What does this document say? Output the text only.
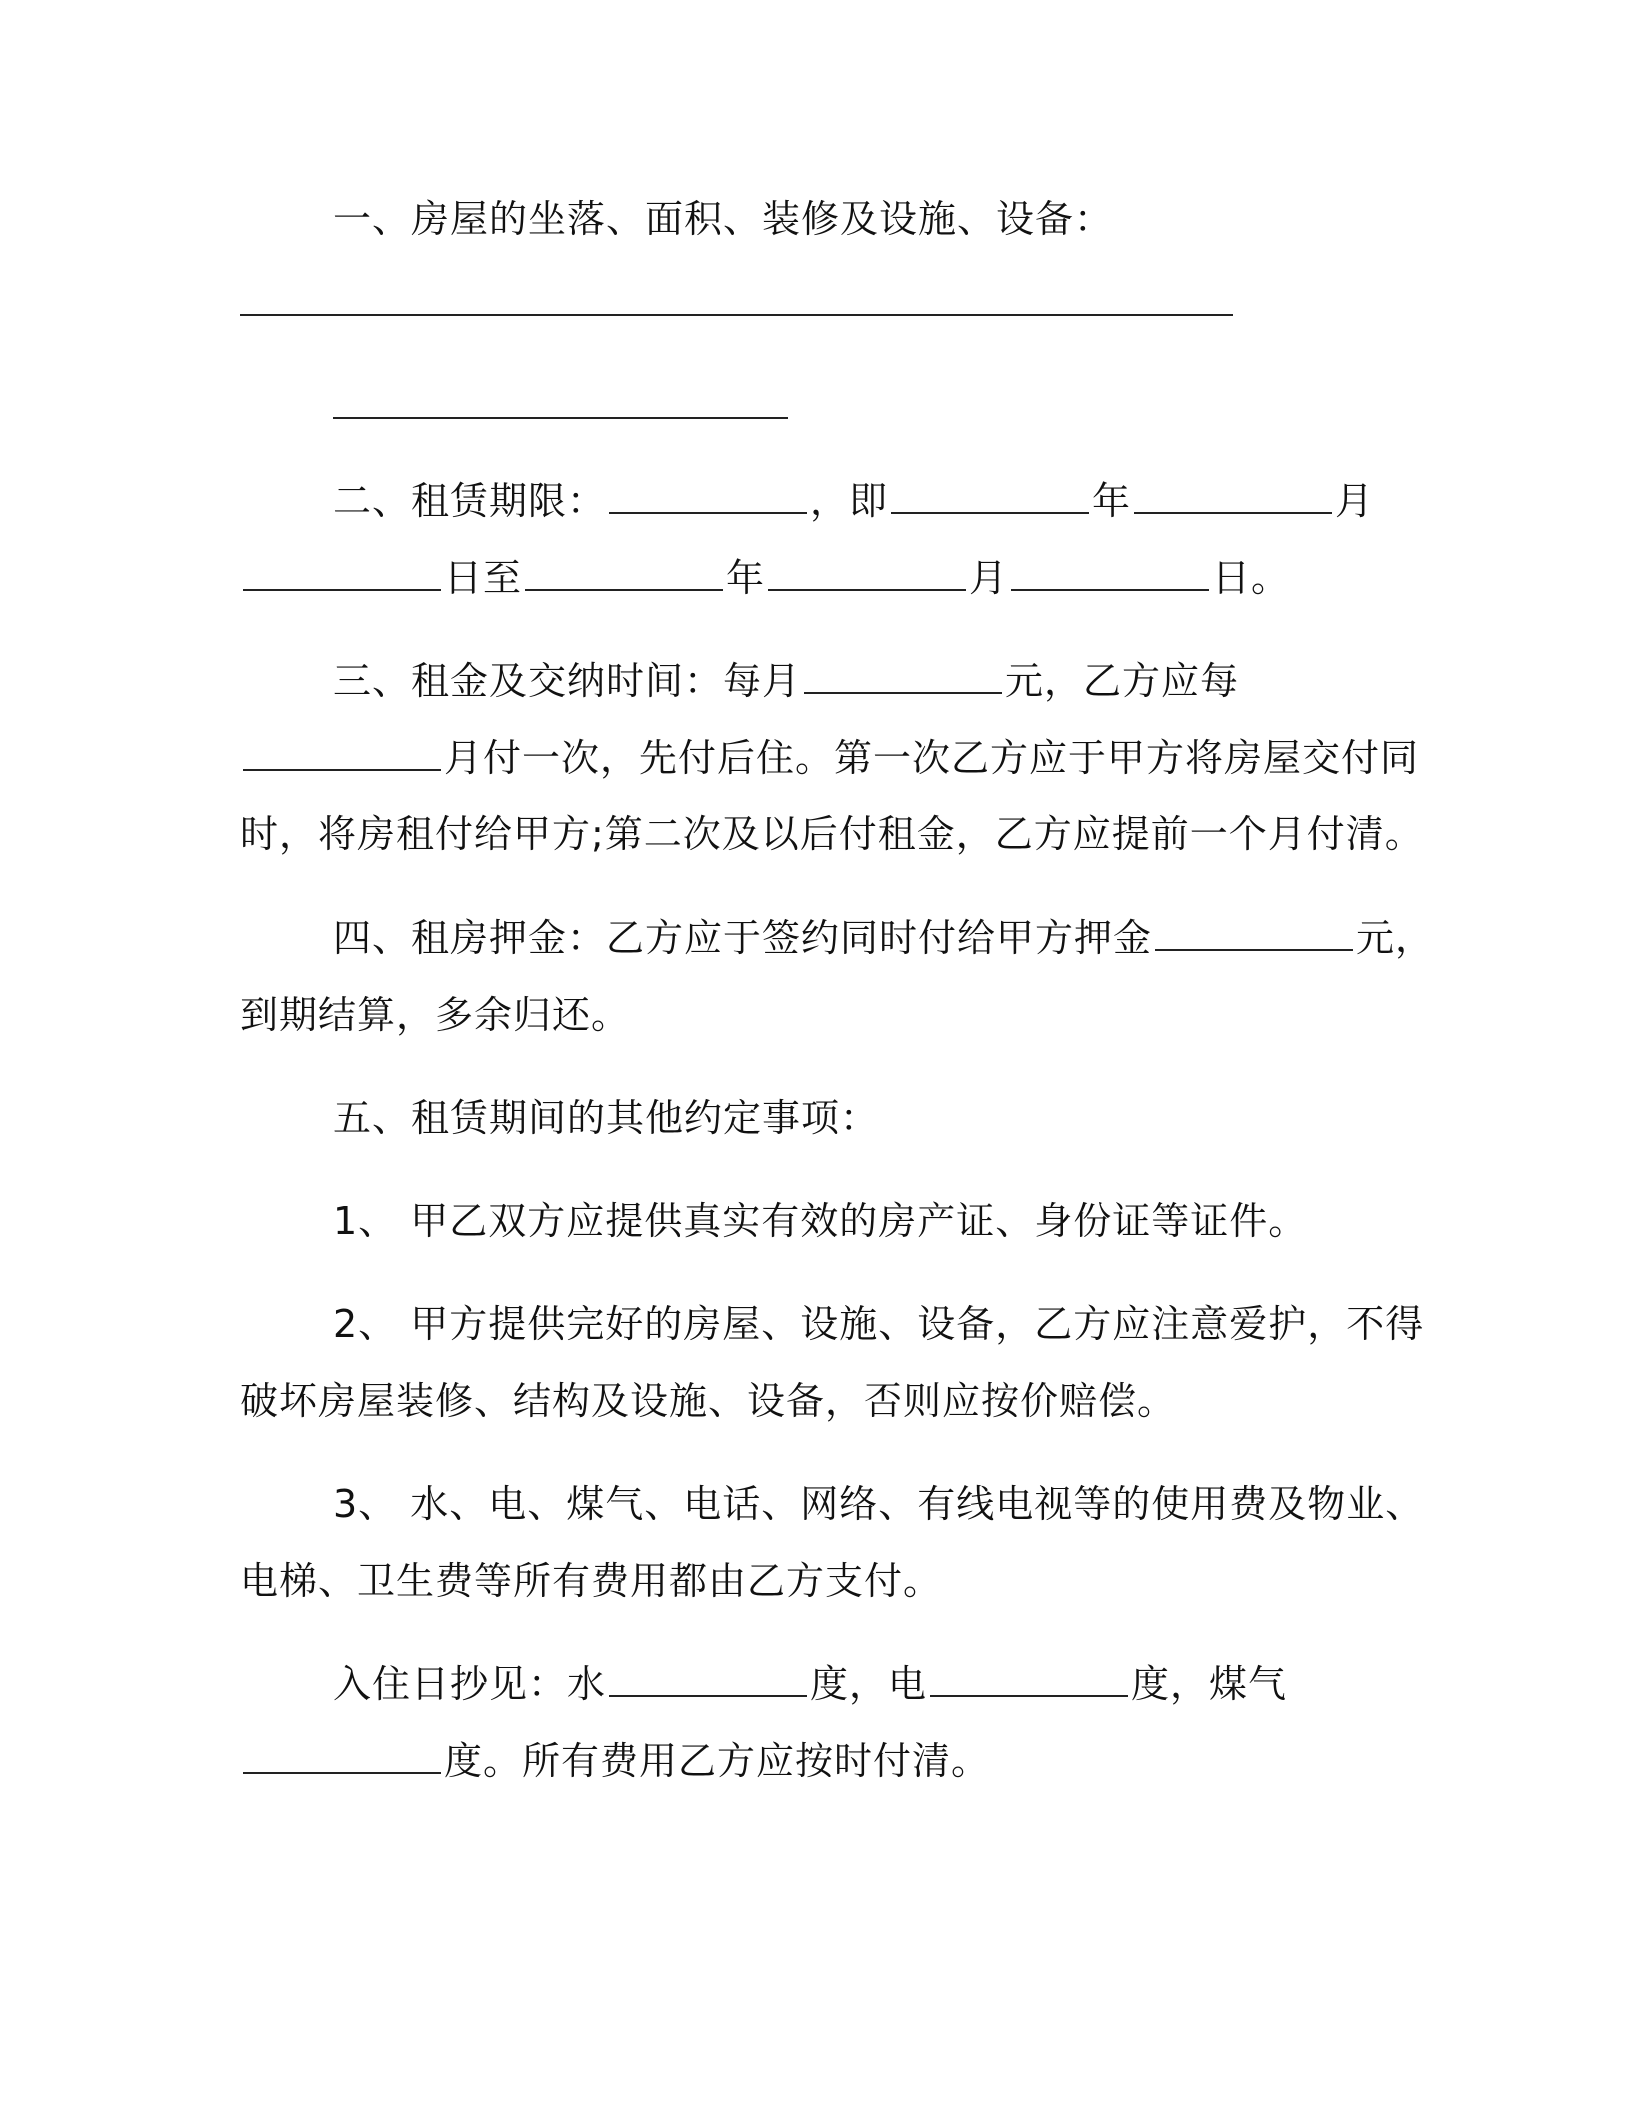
一、房屋的坐落、面积、装修及设施、设备：
二、租赁期限：	，即	年	月
日至	年	月	日。
三、租金及交纳时间：每月	元，乙方应每
月付一次，先付后住。第一次乙方应于甲方将房屋交付同
时，将房租付给甲方;第二次及以后付租金，乙方应提前一个月付清。
四、租房押金：乙方应于签约同时付给甲方押金	元，
到期结算，多余归还。
五、租赁期间的其他约定事项：
1、 甲乙双方应提供真实有效的房产证、身份证等证件。
2、 甲方提供完好的房屋、设施、设备，乙方应注意爱护，不得
破坏房屋装修、结构及设施、设备，否则应按价赔偿。
3、 水、电、煤气、电话、网络、有线电视等的使用费及物业、
电梯、卫生费等所有费用都由乙方支付。
入住日抄见：水	度，电	度，煤气
度。所有费用乙方应按时付清。
